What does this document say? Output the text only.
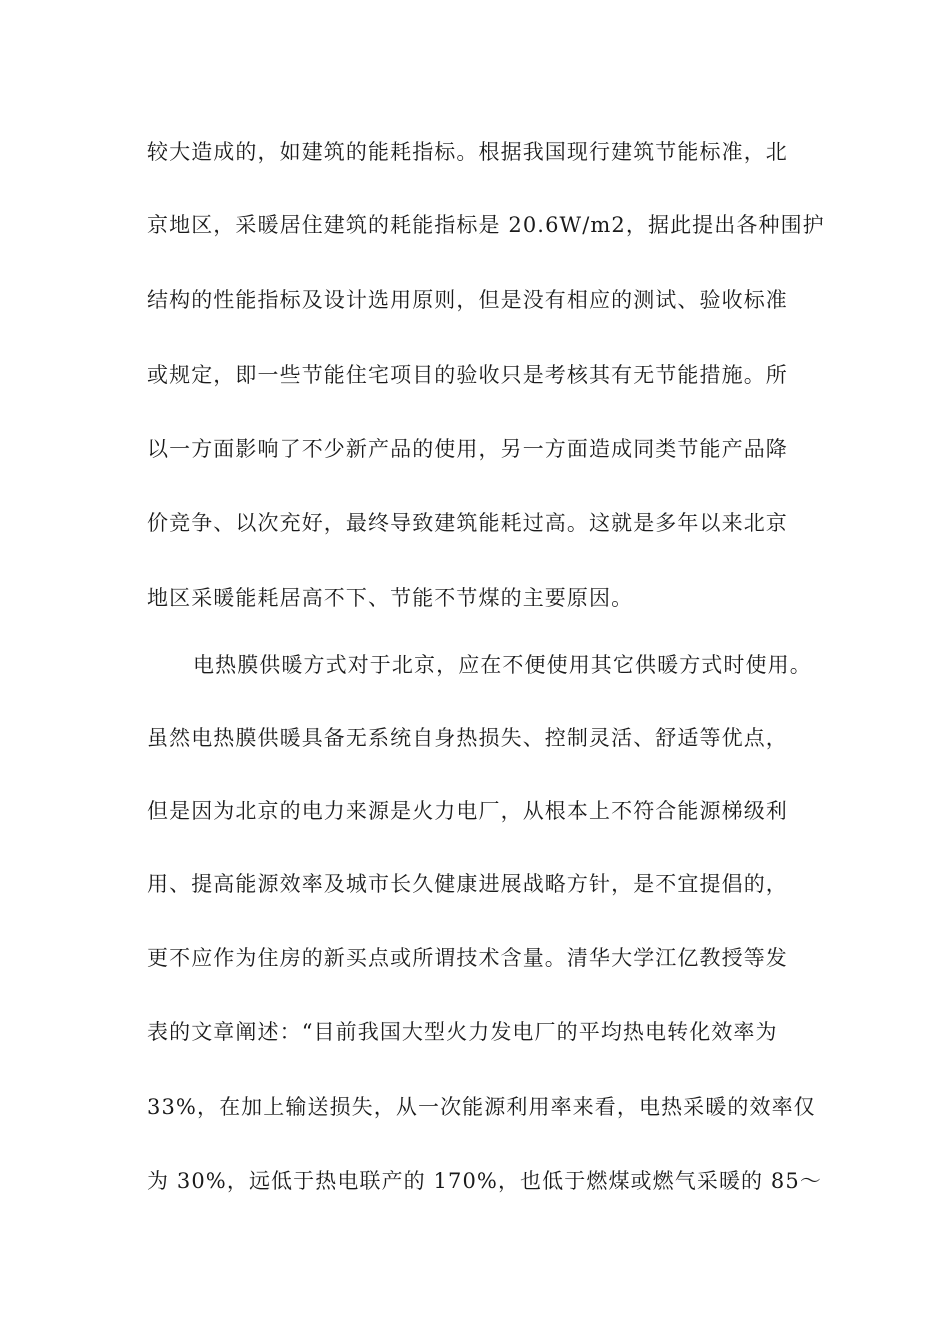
较大造成的，如建筑的能耗指标。根据我国现行建筑节能标准，北
京地区，采暖居住建筑的耗能指标是 20.6W/m2，据此提出各种围护
结构的性能指标及设计选用原则，但是没有相应的测试、验收标准
或规定，即一些节能住宅项目的验收只是考核其有无节能措施。所
以一方面影响了不少新产品的使用，另一方面造成同类节能产品降
价竞争、以次充好，最终导致建筑能耗过高。这就是多年以来北京
地区采暖能耗居高不下、节能不节煤的主要原因。
电热膜供暖方式对于北京，应在不便使用其它供暖方式时使用。
虽然电热膜供暖具备无系统自身热损失、控制灵活、舒适等优点，
但是因为北京的电力来源是火力电厂，从根本上不符合能源梯级利
用、提高能源效率及城市长久健康进展战略方针，是不宜提倡的，
更不应作为住房的新买点或所谓技术含量。清华大学江亿教授等发
表的文章阐述：“目前我国大型火力发电厂的平均热电转化效率为
33%，在加上输送损失，从一次能源利用率来看，电热采暖的效率仅
为 30%，远低于热电联产的 170%，也低于燃煤或燃气采暖的 85～
